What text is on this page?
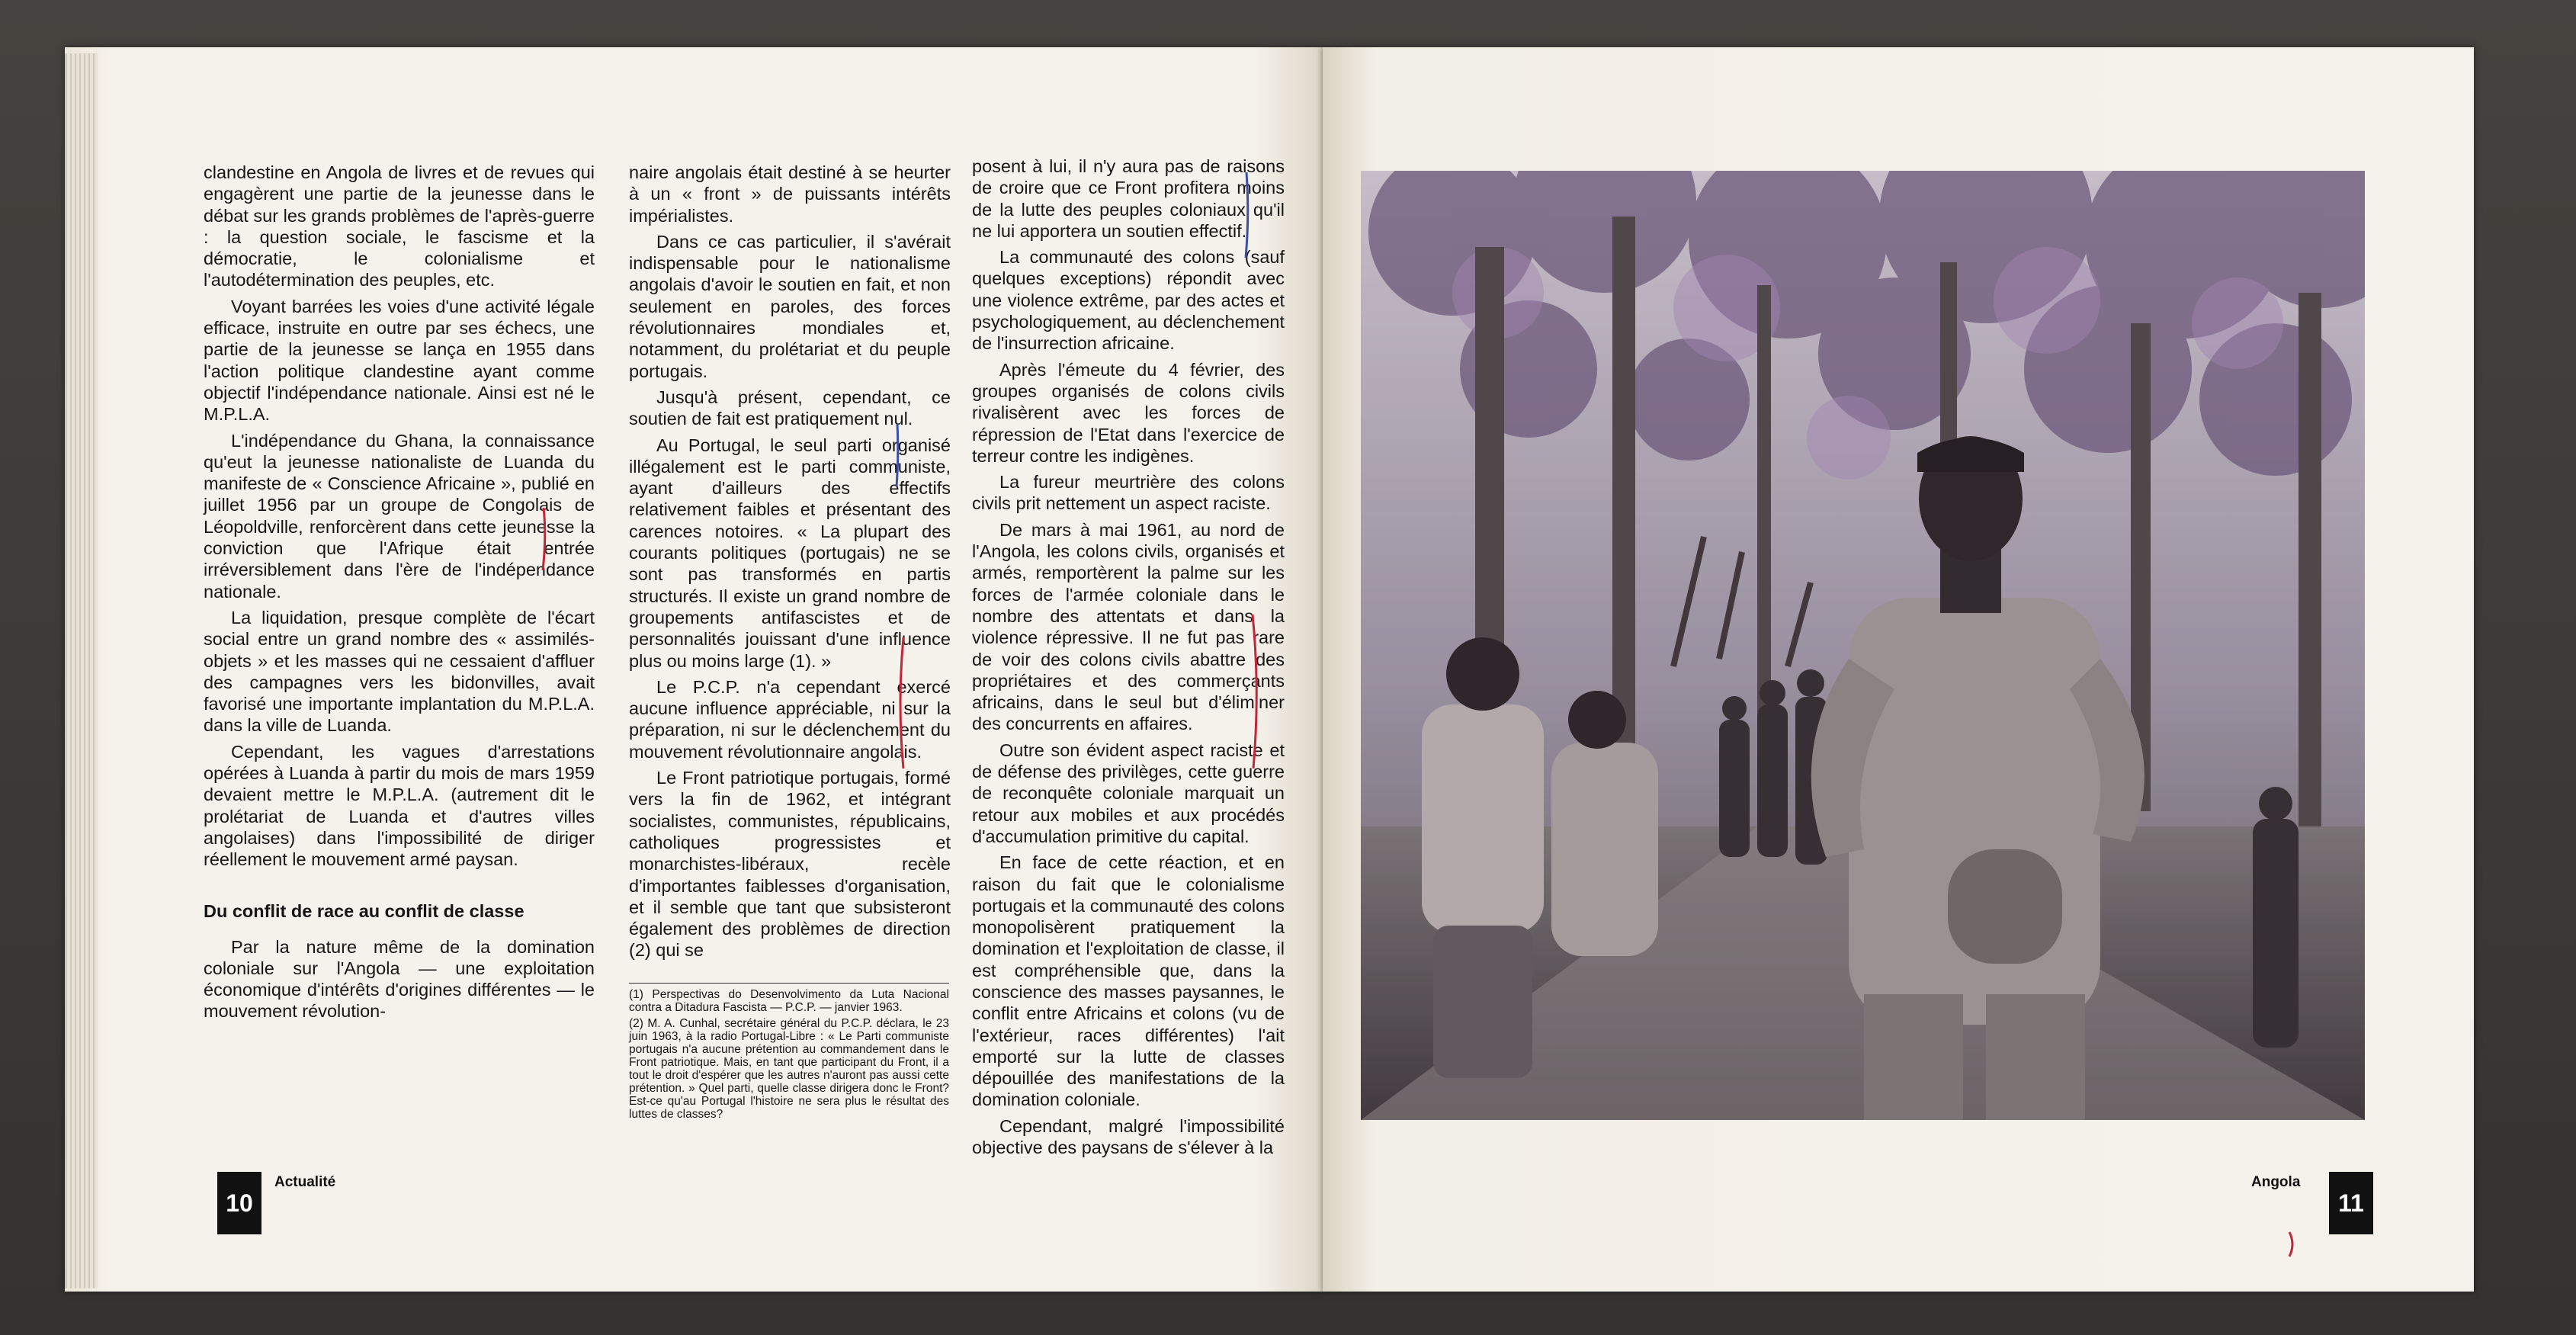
clandestine en Angola de livres et de revues qui engagèrent une partie de la jeunesse dans le débat sur les grands problèmes de l'après-guerre : la question sociale, le fascisme et la démocratie, le colonialisme et l'autodétermination des peuples, etc.

Voyant barrées les voies d'une activité légale efficace, instruite en outre par ses échecs, une partie de la jeunesse se lança en 1955 dans l'action politique clandestine ayant comme objectif l'indépendance nationale. Ainsi est né le M.P.L.A.

L'indépendance du Ghana, la connaissance qu'eut la jeunesse nationaliste de Luanda du manifeste de « Conscience Africaine », publié en juillet 1956 par un groupe de Congolais de Léopoldville, renforcèrent dans cette jeunesse la conviction que l'Afrique était entrée irréversiblement dans l'ère de l'indépendance nationale.

La liquidation, presque complète de l'écart social entre un grand nombre des « assimilés-objets » et les masses qui ne cessaient d'affluer des campagnes vers les bidonvilles, avait favorisé une importante implantation du M.P.L.A. dans la ville de Luanda.

Cependant, les vagues d'arrestations opérées à Luanda à partir du mois de mars 1959 devaient mettre le M.P.L.A. (autrement dit le prolétariat de Luanda et d'autres villes angolaises) dans l'impossibilité de diriger réellement le mouvement armé paysan.

Du conflit de race au conflit de classe

Par la nature même de la domination coloniale sur l'Angola — une exploitation économique d'intérêts d'origines différentes — le mouvement révolution-

naire angolais était destiné à se heurter à un « front » de puissants intérêts impérialistes.

Dans ce cas particulier, il s'avérait indispensable pour le nationalisme angolais d'avoir le soutien en fait, et non seulement en paroles, des forces révolutionnaires mondiales et, notamment, du prolétariat et du peuple portugais.

Jusqu'à présent, cependant, ce soutien de fait est pratiquement nul.

Au Portugal, le seul parti organisé illégalement est le parti communiste, ayant d'ailleurs des effectifs relativement faibles et présentant des carences notoires. « La plupart des courants politiques (portugais) ne se sont pas transformés en partis structurés. Il existe un grand nombre de groupements antifascistes et de personnalités jouissant d'une influence plus ou moins large (1). »

Le P.C.P. n'a cependant exercé aucune influence appréciable, ni sur la préparation, ni sur le déclenchement du mouvement révolutionnaire angolais.

Le Front patriotique portugais, formé vers la fin de 1962, et intégrant socialistes, communistes, républicains, catholiques progressistes et monarchistes-libéraux, recèle d'importantes faiblesses d'organisation, et il semble que tant que subsisteront également des problèmes de direction (2) qui se

(1) Perspectivas do Desenvolvimento da Luta Nacional contra a Ditadura Fascista — P.C.P. — janvier 1963.
(2) M. A. Cunhal, secrétaire général du P.C.P. déclara, le 23 juin 1963, à la radio Portugal-Libre : « Le Parti communiste portugais n'a aucune prétention au commandement dans le Front patriotique. Mais, en tant que participant du Front, il a tout le droit d'espérer que les autres n'auront pas aussi cette prétention. » Quel parti, quelle classe dirigera donc le Front? Est-ce qu'au Portugal l'histoire ne sera plus le résultat des luttes de classes?

posent à lui, il n'y aura pas de raisons de croire que ce Front profitera moins de la lutte des peuples coloniaux qu'il ne lui apportera un soutien effectif.

La communauté des colons (sauf quelques exceptions) répondit avec une violence extrême, par des actes et psychologiquement, au déclenchement de l'insurrection africaine.

Après l'émeute du 4 février, des groupes organisés de colons civils rivalisèrent avec les forces de répression de l'Etat dans l'exercice de terreur contre les indigènes.

La fureur meurtrière des colons civils prit nettement un aspect raciste.

De mars à mai 1961, au nord de l'Angola, les colons civils, organisés et armés, remportèrent la palme sur les forces de l'armée coloniale dans le nombre des attentats et dans la violence répressive. Il ne fut pas rare de voir des colons civils abattre des propriétaires et des commerçants africains, dans le seul but d'éliminer des concurrents en affaires.

Outre son évident aspect raciste et de défense des privilèges, cette guerre de reconquête coloniale marquait un retour aux mobiles et aux procédés d'accumulation primitive du capital.

En face de cette réaction, et en raison du fait que le colonialisme portugais et la communauté des colons monopolisèrent pratiquement la domination et l'exploitation de classe, il est compréhensible que, dans la conscience des masses paysannes, le conflit entre Africains et colons (vu de l'extérieur, races différentes) l'ait emporté sur la lutte de classes dépouillée des manifestations de la domination coloniale.

Cependant, malgré l'impossibilité objective des paysans de s'élever à la

10
Actualité
11
Angola
